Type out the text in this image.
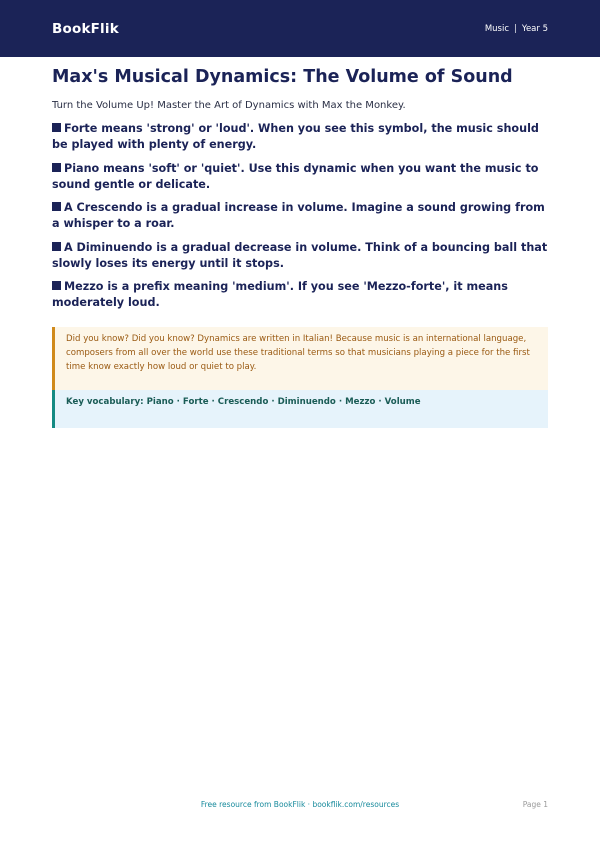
BookFlik	Music | Year 5
Max's Musical Dynamics: The Volume of Sound

Turn the Volume Up! Master the Art of Dynamics with Max the Monkey.

Forte means 'strong' or 'loud'. When you see this symbol, the music should be played with plenty of energy.

Piano means 'soft' or 'quiet'. Use this dynamic when you want the music to sound gentle or delicate.

A Crescendo is a gradual increase in volume. Imagine a sound growing from a whisper to a roar.

A Diminuendo is a gradual decrease in volume. Think of a bouncing ball that slowly loses its energy until it stops.

Mezzo is a prefix meaning 'medium'. If you see 'Mezzo-forte', it means moderately loud.

Did you know? Did you know? Dynamics are written in Italian! Because music is an international language, composers from all over the world use these traditional terms so that musicians playing a piece for the first time know exactly how loud or quiet to play.

Key vocabulary: Piano · Forte · Crescendo · Diminuendo · Mezzo · Volume

Free resource from BookFlik · bookflik.com/resources	Page 1
